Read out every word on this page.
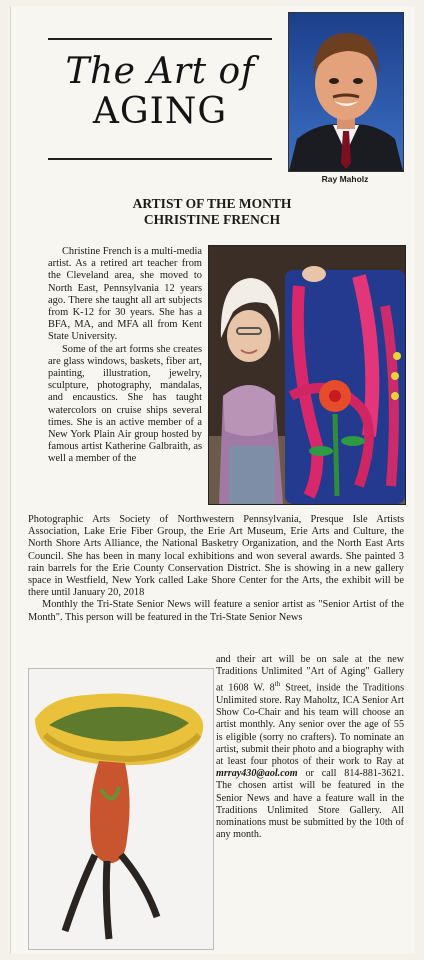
The Art of
AGING
Ray Maholz
ARTIST OF THE MONTH
CHRISTINE FRENCH

Christine French is a multi-media artist. As a retired art teacher from the Cleveland area, she moved to North East, Pennsylvania 12 years ago. There she taught all art subjects from K-12 for 30 years. She has a BFA, MA, and MFA all from Kent State University.

Some of the art forms she creates are glass windows, baskets, fiber art, painting, illustration, jewelry, sculpture, photography, mandalas, and encaustics. She has taught watercolors on cruise ships several times. She is an active member of a New York Plain Air group hosted by famous artist Katherine Galbraith, as well a member of the

Photographic Arts Society of Northwestern Pennsylvania, Presque Isle Artists Association, Lake Erie Fiber Group, the Erie Art Museum, Erie Arts and Culture, the North Shore Arts Alliance, the National Basketry Organization, and the North East Arts Council. She has been in many local exhibitions and won several awards. She painted 3 rain barrels for the Erie County Conservation District. She is showing in a new gallery space in Westfield, New York called Lake Shore Center for the Arts, the exhibit will be there until January 20, 2018

Monthly the Tri-State Senior News will feature a senior artist as "Senior Artist of the Month". This person will be featured in the Tri-State Senior News

and their art will be on sale at the new Traditions Unlimited "Art of Aging" Gallery at 1608 W. 8th Street, inside the Traditions Unlimited store. Ray Maholtz, ICA Senior Art Show Co-Chair and his team will choose an artist monthly. Any senior over the age of 55 is eligible (sorry no crafters). To nominate an artist, submit their photo and a biography with at least four photos of their work to Ray at mrray430@aol.com or call 814-881-3621. The chosen artist will be featured in the Senior News and have a feature wall in the Traditions Unlimited Store Gallery. All nominations must be submitted by the 10th of any month.
